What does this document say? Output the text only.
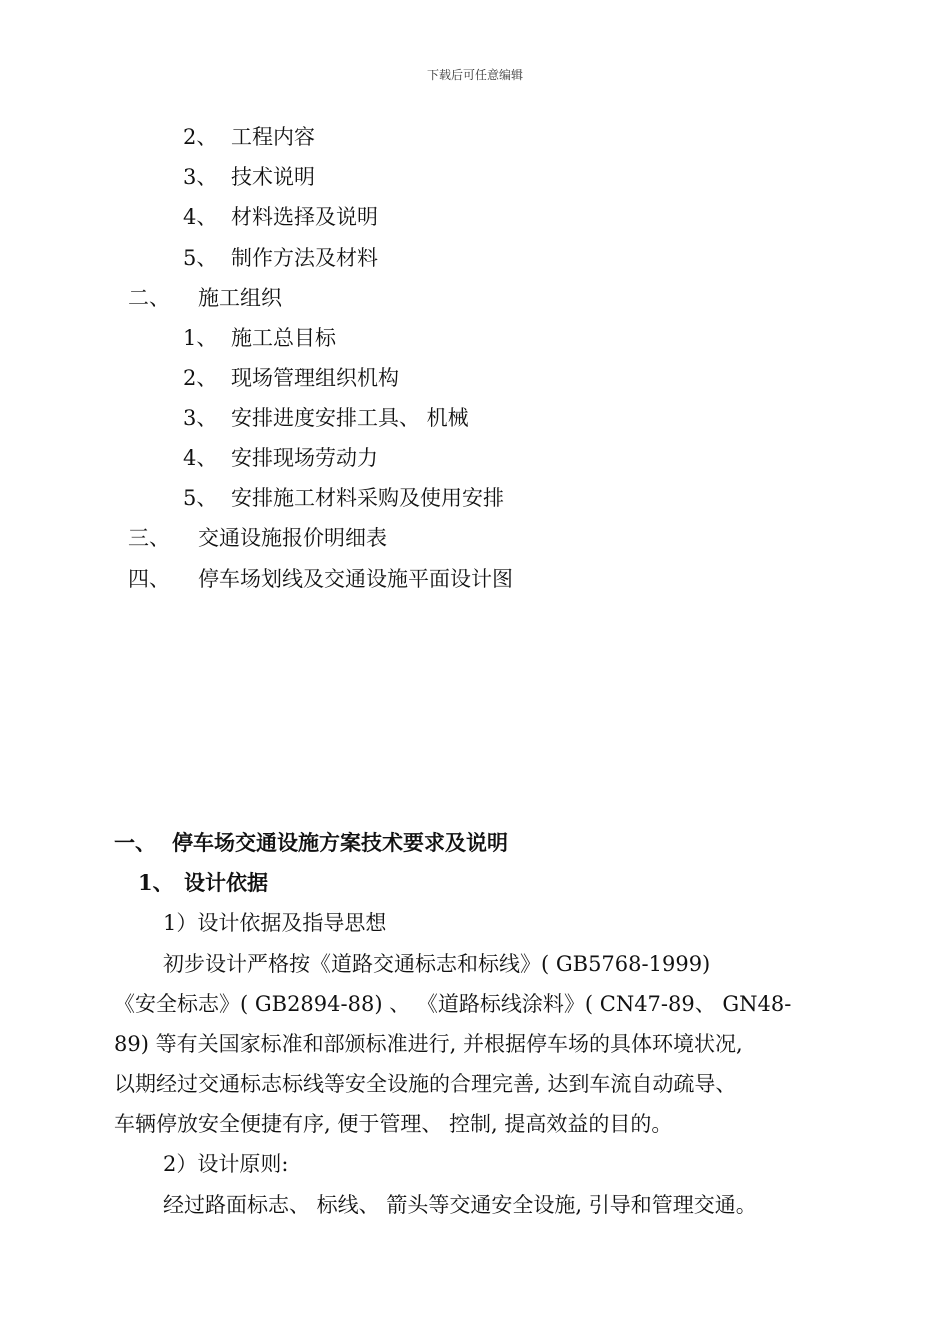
下载后可任意编辑
2、 工程内容
3、 技术说明
4、 材料选择及说明
5、 制作方法及材料
二、 施工组织
1、 施工总目标
2、 现场管理组织机构
3、 安排进度安排工具、 机械
4、 安排现场劳动力
5、 安排施工材料采购及使用安排
三、 交通设施报价明细表
四、 停车场划线及交通设施平面设计图
一、 停车场交通设施方案技术要求及说明
1、 设计依据
1）设计依据及指导思想
初步设计严格按《道路交通标志和标线》( GB5768-1999)
《安全标志》( GB2894-88) 、 《道路标线涂料》( CN47-89、 GN48-
89) 等有关国家标准和部颁标准进行, 并根据停车场的具体环境状况,
以期经过交通标志标线等安全设施的合理完善, 达到车流自动疏导、
车辆停放安全便捷有序, 便于管理、 控制, 提高效益的目的。
2）设计原则:
经过路面标志、 标线、 箭头等交通安全设施, 引导和管理交通。
